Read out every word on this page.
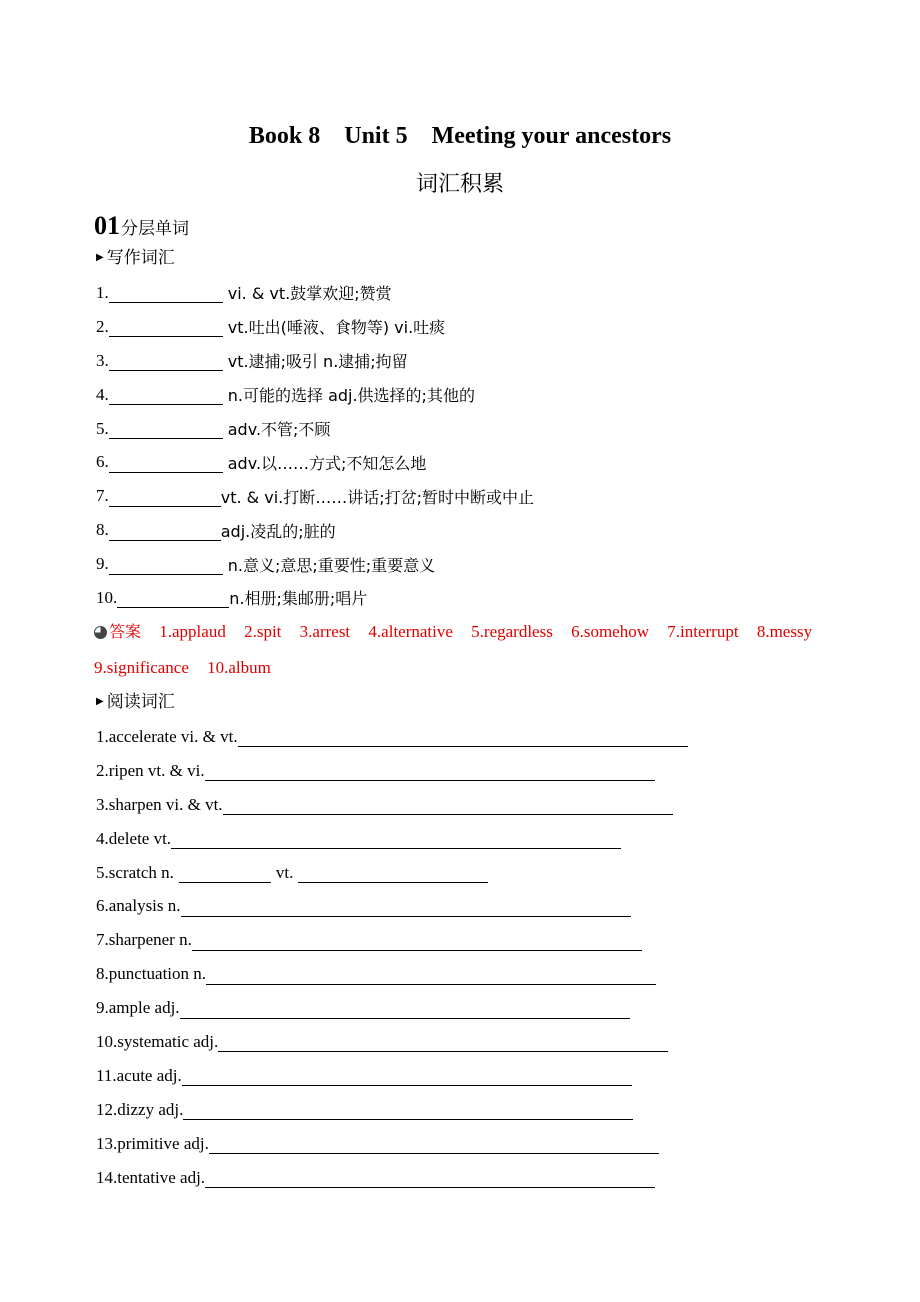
Book 8    Unit 5    Meeting your ancestors
词汇积累
01 分层单词
▶ 写作词汇
1.	vi. & vt.鼓掌欢迎;赞赏
2.	vt.吐出(唾液、食物等) vi.吐痰
3.	vt.逮捕;吸引 n.逮捕;拘留
4.	n.可能的选择 adj.供选择的;其他的
5.	adv.不管;不顾
6.	adv.以……方式;不知怎么地
7.	vt. & vi.打断……讲话;打岔;暂时中断或中止
8.	adj.凌乱的;脏的
9.	n.意义;意思;重要性;重要意义
10.	n.相册;集邮册;唱片
答案 1.applaud 2.spit 3.arrest 4.alternative 5.regardless 6.somehow 7.interrupt 8.messy 9.significance 10.album
▶ 阅读词汇
1.accelerate vi. & vt.
2.ripen vt. & vi.
3.sharpen vi. & vt.
4.delete vt.
5.scratch n.	vt.
6.analysis n.
7.sharpener n.
8.punctuation n.
9.ample adj.
10.systematic adj.
11.acute adj.
12.dizzy adj.
13.primitive adj.
14.tentative adj.
